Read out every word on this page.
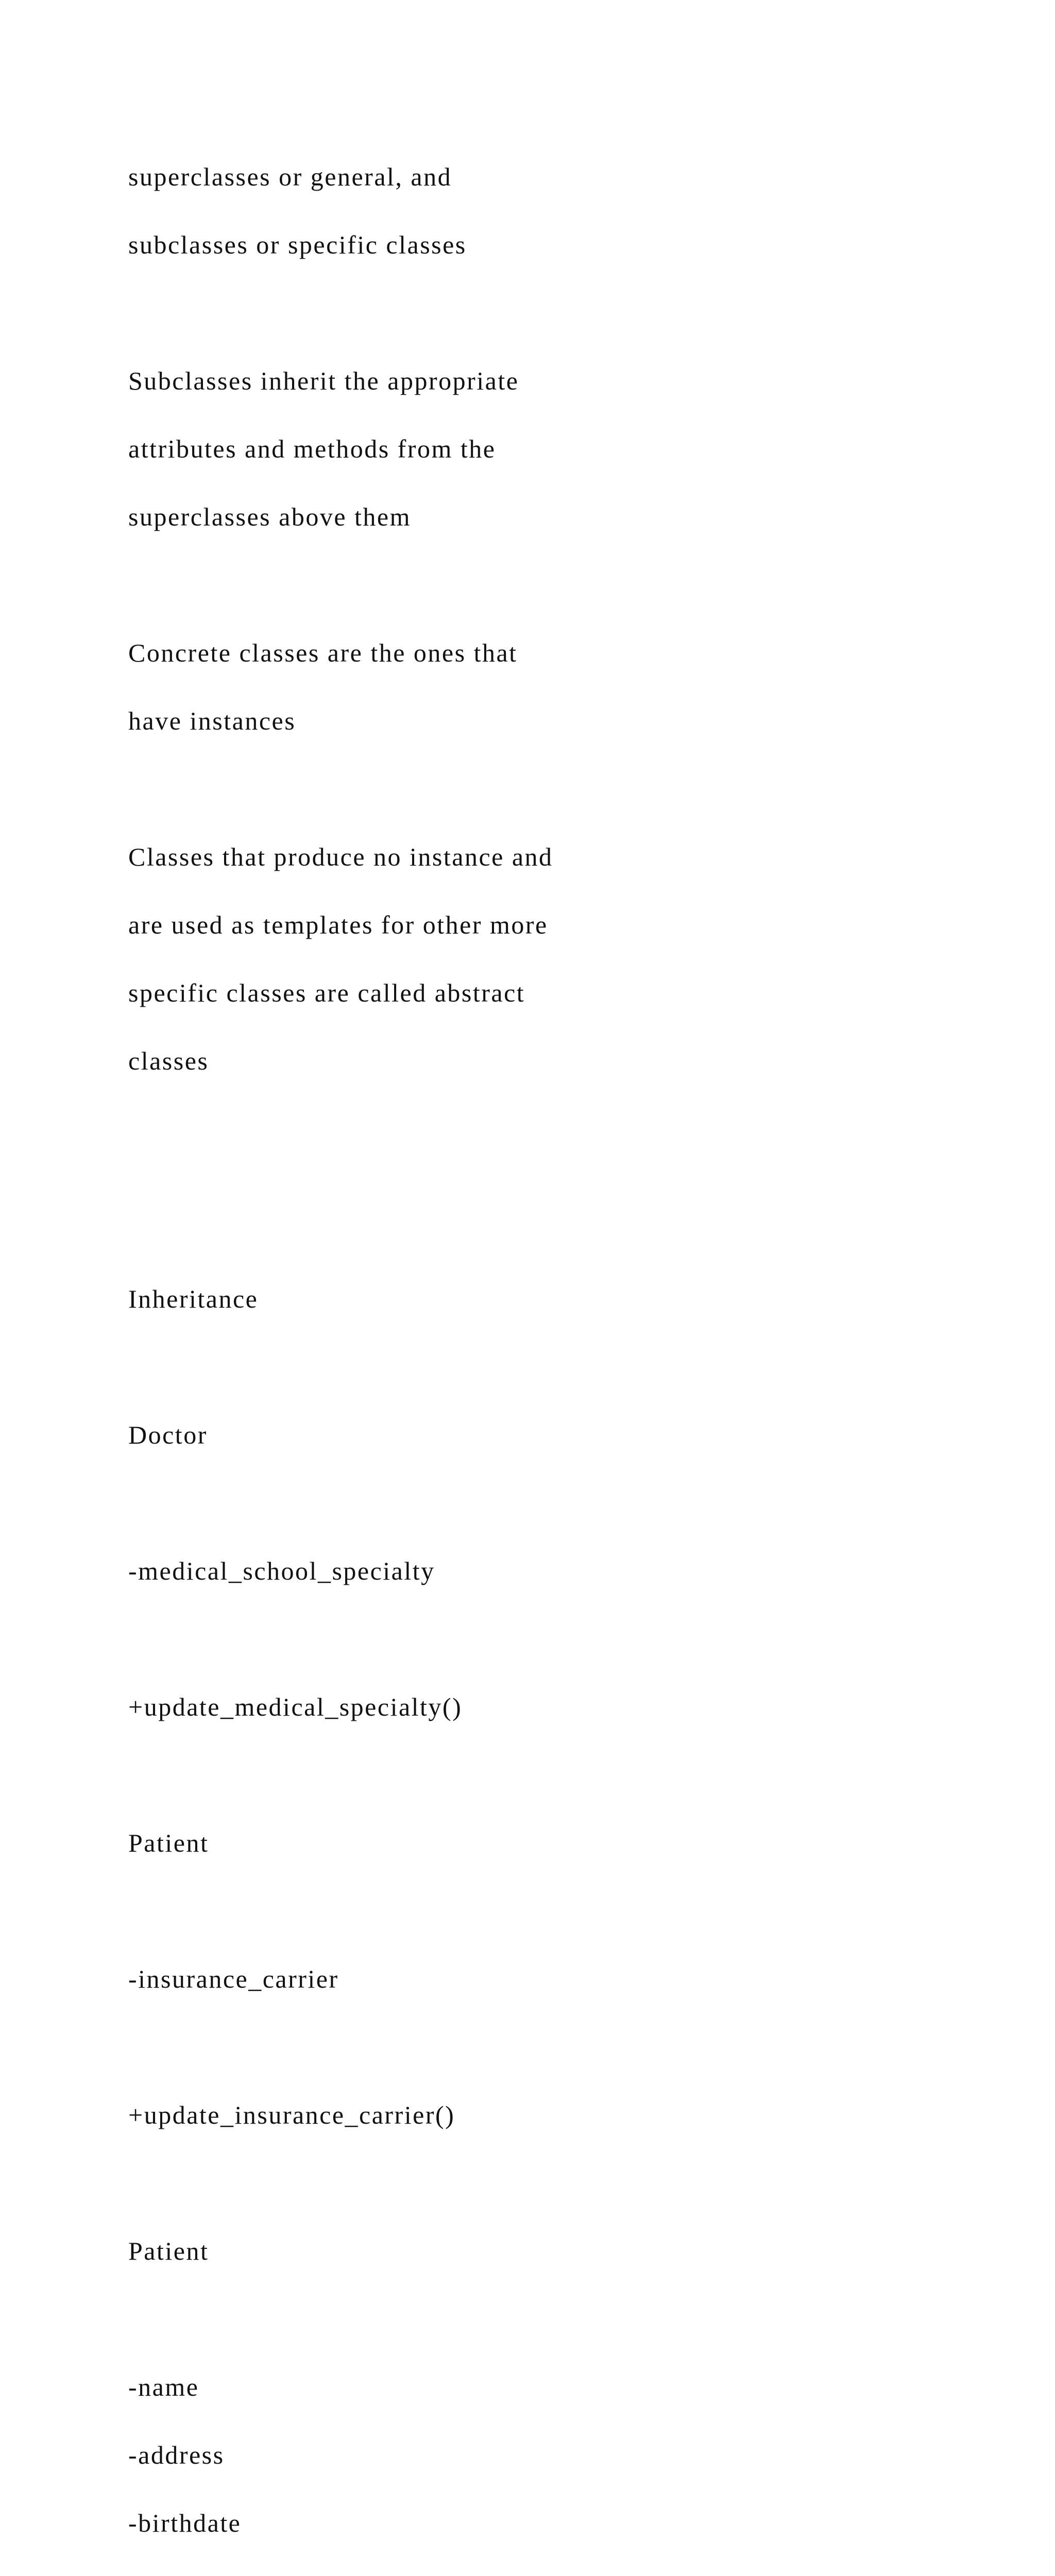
superclasses or general, and

subclasses or specific classes

Subclasses inherit the appropriate

attributes and methods from the

superclasses above them

Concrete classes are the ones that

have instances

Classes that produce no instance and

are used as templates for other more

specific classes are called abstract

classes

Inheritance

Doctor

-medical_school_specialty

+update_medical_specialty()

Patient

-insurance_carrier

+update_insurance_carrier()

Patient

-name

-address

-birthdate
